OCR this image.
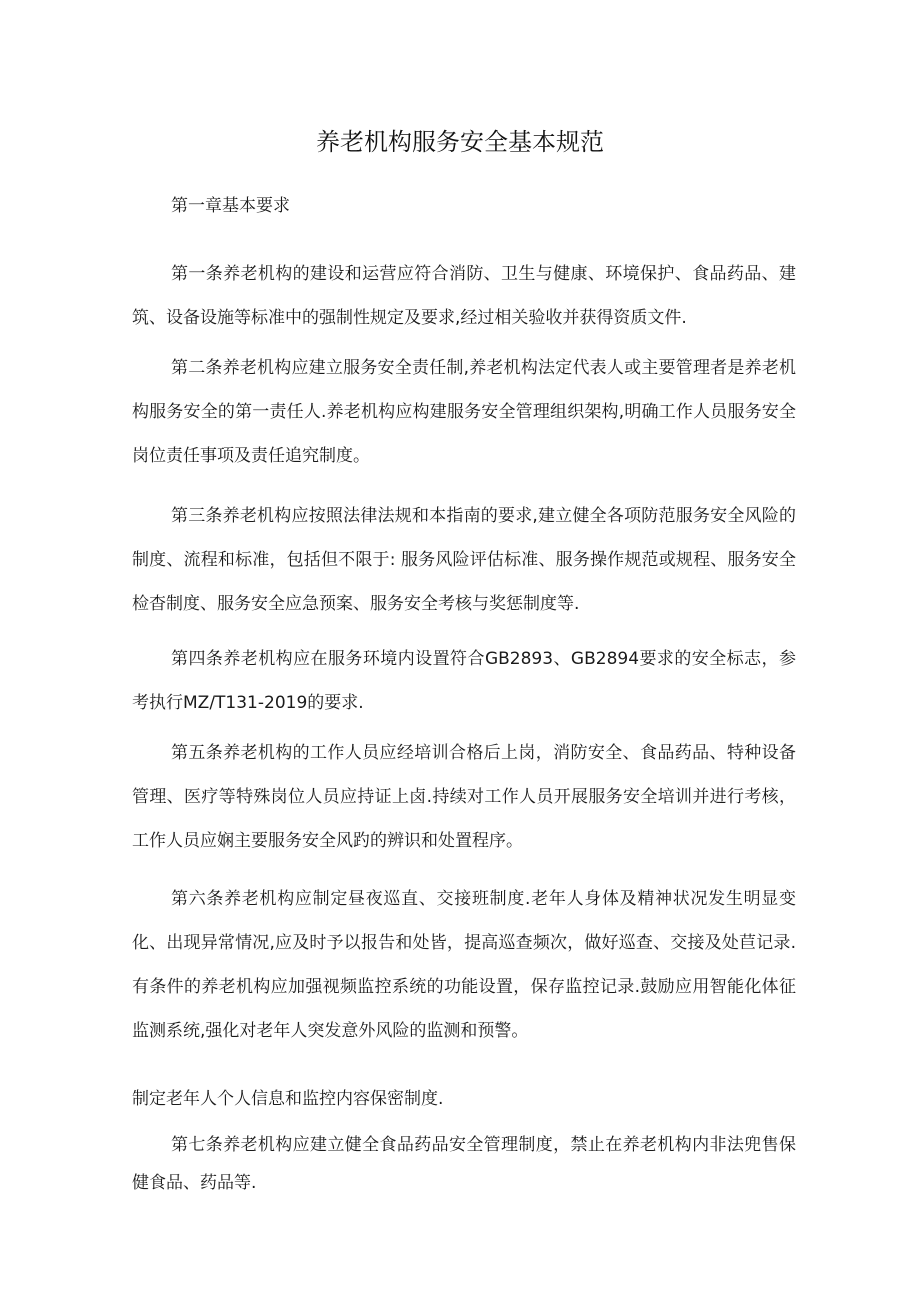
养老机构服务安全基本规范
第一章基本要求

第一条养老机构的建设和运营应符合消防、卫生与健康、环境保护、食品药品、建筑、设备设施等标准中的强制性规定及要求,经过相关验收并获得资质文件.

第二条养老机构应建立服务安全责任制,养老机构法定代表人或主要管理者是养老机构服务安全的第一责任人.养老机构应构建服务安全管理组织架构,明确工作人员服务安全岗位责任事项及责任追究制度。

第三条养老机构应按照法律法规和本指南的要求,建立健全各项防范服务安全风险的制度、流程和标准，包括但不限于: 服务风险评估标准、服务操作规范或规程、服务安全检杳制度、服务安全应急预案、服务安全考核与奖惩制度等.

第四条养老机构应在服务环境内设置符合GB2893、GB2894要求的安全标志，参考执行MZ/T131-2019的要求.

第五条养老机构的工作人员应经培训合格后上岗，消防安全、食品药品、特种设备管理、医疗等特殊岗位人员应持证上卤.持续对工作人员开展服务安全培训并进行考核，工作人员应娴主要服务安全风趵的辨识和处置程序。

第六条养老机构应制定昼夜巡直、交接班制度.老年人身体及精神状况发生明显变化、出现异常情况,应及时予以报告和处皆，提高巡查频次，做好巡查、交接及处苣记录.有条件的养老机构应加强视频监控系统的功能设置，保存监控记录.鼓励应用智能化体征监测系统,强化对老年人突发意外风险的监测和预警。

制定老年人个人信息和监控内容保密制度.

第七条养老机构应建立健全食品药品安全管理制度，禁止在养老机构内非法兜售保健食品、药品等.
